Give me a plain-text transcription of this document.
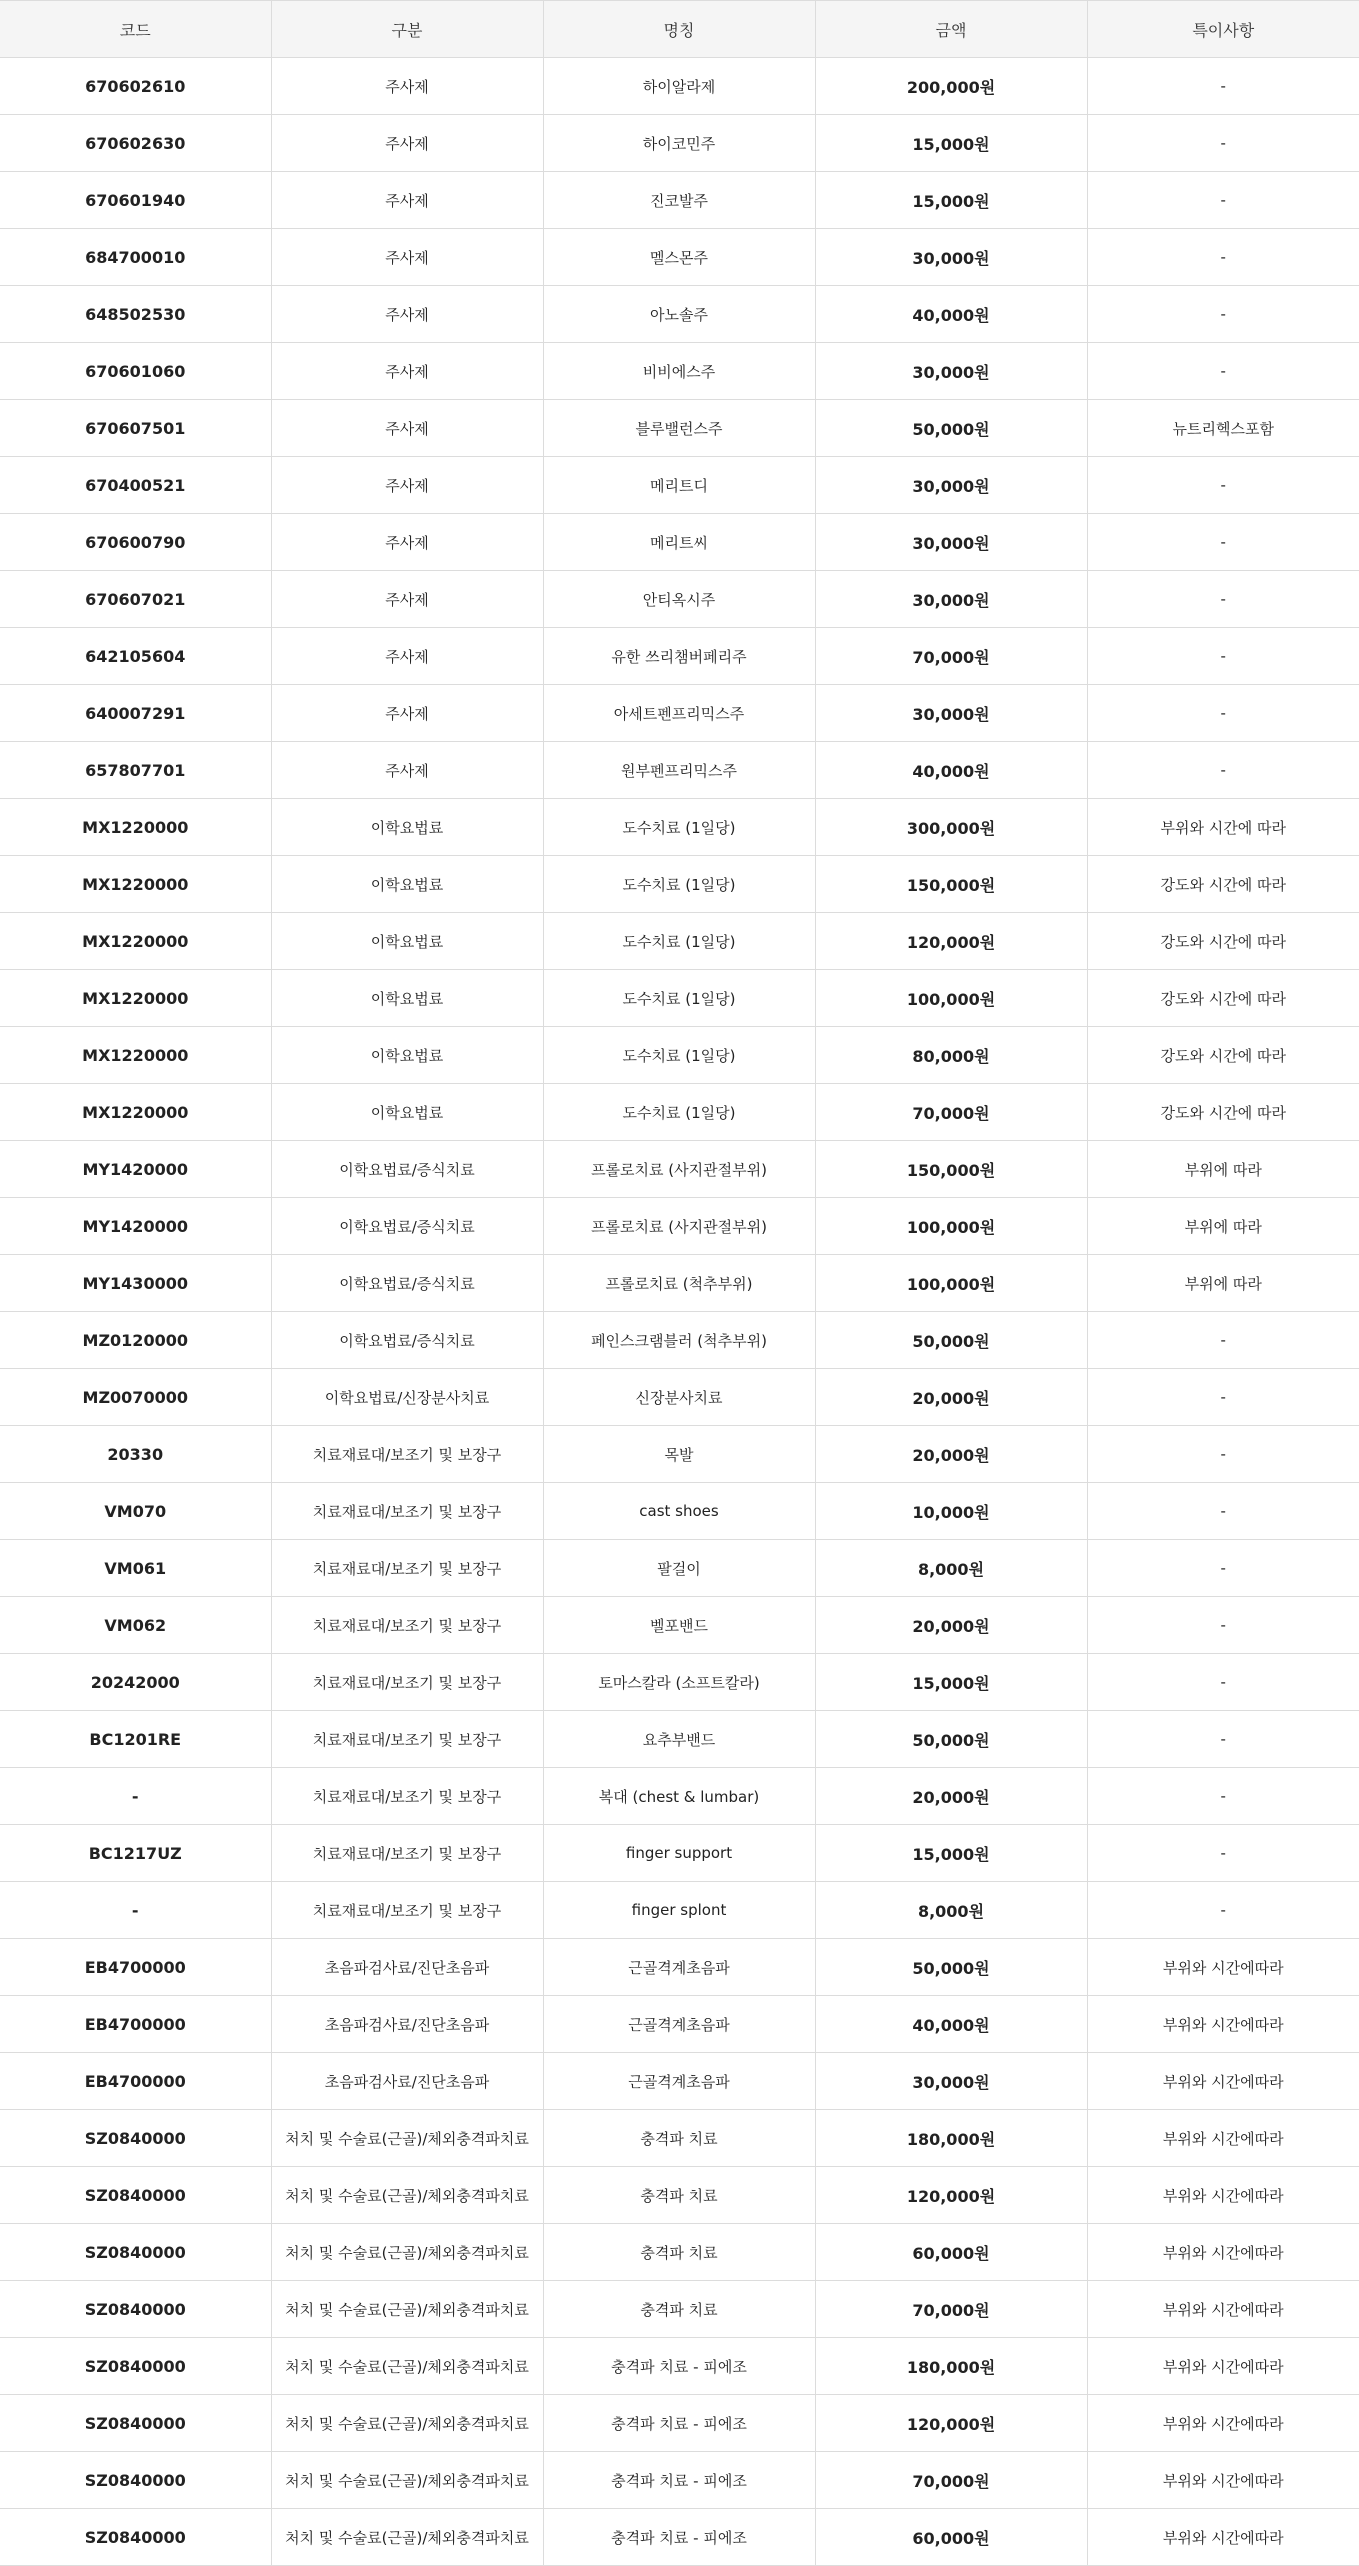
코드	구분	명칭	금액	특이사항
670602610	주사제	하이알라제	200,000원	-
670602630	주사제	하이코민주	15,000원	-
670601940	주사제	진코발주	15,000원	-
684700010	주사제	멜스몬주	30,000원	-
648502530	주사제	아노솔주	40,000원	-
670601060	주사제	비비에스주	30,000원	-
670607501	주사제	블루밸런스주	50,000원	뉴트리헥스포함
670400521	주사제	메리트디	30,000원	-
670600790	주사제	메리트씨	30,000원	-
670607021	주사제	안티옥시주	30,000원	-
642105604	주사제	유한 쓰리챔버페리주	70,000원	-
640007291	주사제	아세트펜프리믹스주	30,000원	-
657807701	주사제	원부펜프리믹스주	40,000원	-
MX1220000	이학요법료	도수치료 (1일당)	300,000원	부위와 시간에 따라
MX1220000	이학요법료	도수치료 (1일당)	150,000원	강도와 시간에 따라
MX1220000	이학요법료	도수치료 (1일당)	120,000원	강도와 시간에 따라
MX1220000	이학요법료	도수치료 (1일당)	100,000원	강도와 시간에 따라
MX1220000	이학요법료	도수치료 (1일당)	80,000원	강도와 시간에 따라
MX1220000	이학요법료	도수치료 (1일당)	70,000원	강도와 시간에 따라
MY1420000	이학요법료/증식치료	프롤로치료 (사지관절부위)	150,000원	부위에 따라
MY1420000	이학요법료/증식치료	프롤로치료 (사지관절부위)	100,000원	부위에 따라
MY1430000	이학요법료/증식치료	프롤로치료 (척추부위)	100,000원	부위에 따라
MZ0120000	이학요법료/증식치료	페인스크램블러 (척추부위)	50,000원	-
MZ0070000	이학요법료/신장분사치료	신장분사치료	20,000원	-
20330	치료재료대/보조기 및 보장구	목발	20,000원	-
VM070	치료재료대/보조기 및 보장구	cast shoes	10,000원	-
VM061	치료재료대/보조기 및 보장구	팔걸이	8,000원	-
VM062	치료재료대/보조기 및 보장구	벨포밴드	20,000원	-
20242000	치료재료대/보조기 및 보장구	토마스칼라 (소프트칼라)	15,000원	-
BC1201RE	치료재료대/보조기 및 보장구	요추부밴드	50,000원	-
-	치료재료대/보조기 및 보장구	복대 (chest & lumbar)	20,000원	-
BC1217UZ	치료재료대/보조기 및 보장구	finger support	15,000원	-
-	치료재료대/보조기 및 보장구	finger splont	8,000원	-
EB4700000	초음파검사료/진단초음파	근골격계초음파	50,000원	부위와 시간에따라
EB4700000	초음파검사료/진단초음파	근골격계초음파	40,000원	부위와 시간에따라
EB4700000	초음파검사료/진단초음파	근골격계초음파	30,000원	부위와 시간에따라
SZ0840000	처치 및 수술료(근골)/체외충격파치료	충격파 치료	180,000원	부위와 시간에따라
SZ0840000	처치 및 수술료(근골)/체외충격파치료	충격파 치료	120,000원	부위와 시간에따라
SZ0840000	처치 및 수술료(근골)/체외충격파치료	충격파 치료	60,000원	부위와 시간에따라
SZ0840000	처치 및 수술료(근골)/체외충격파치료	충격파 치료	70,000원	부위와 시간에따라
SZ0840000	처치 및 수술료(근골)/체외충격파치료	충격파 치료 - 피에조	180,000원	부위와 시간에따라
SZ0840000	처치 및 수술료(근골)/체외충격파치료	충격파 치료 - 피에조	120,000원	부위와 시간에따라
SZ0840000	처치 및 수술료(근골)/체외충격파치료	충격파 치료 - 피에조	70,000원	부위와 시간에따라
SZ0840000	처치 및 수술료(근골)/체외충격파치료	충격파 치료 - 피에조	60,000원	부위와 시간에따라
